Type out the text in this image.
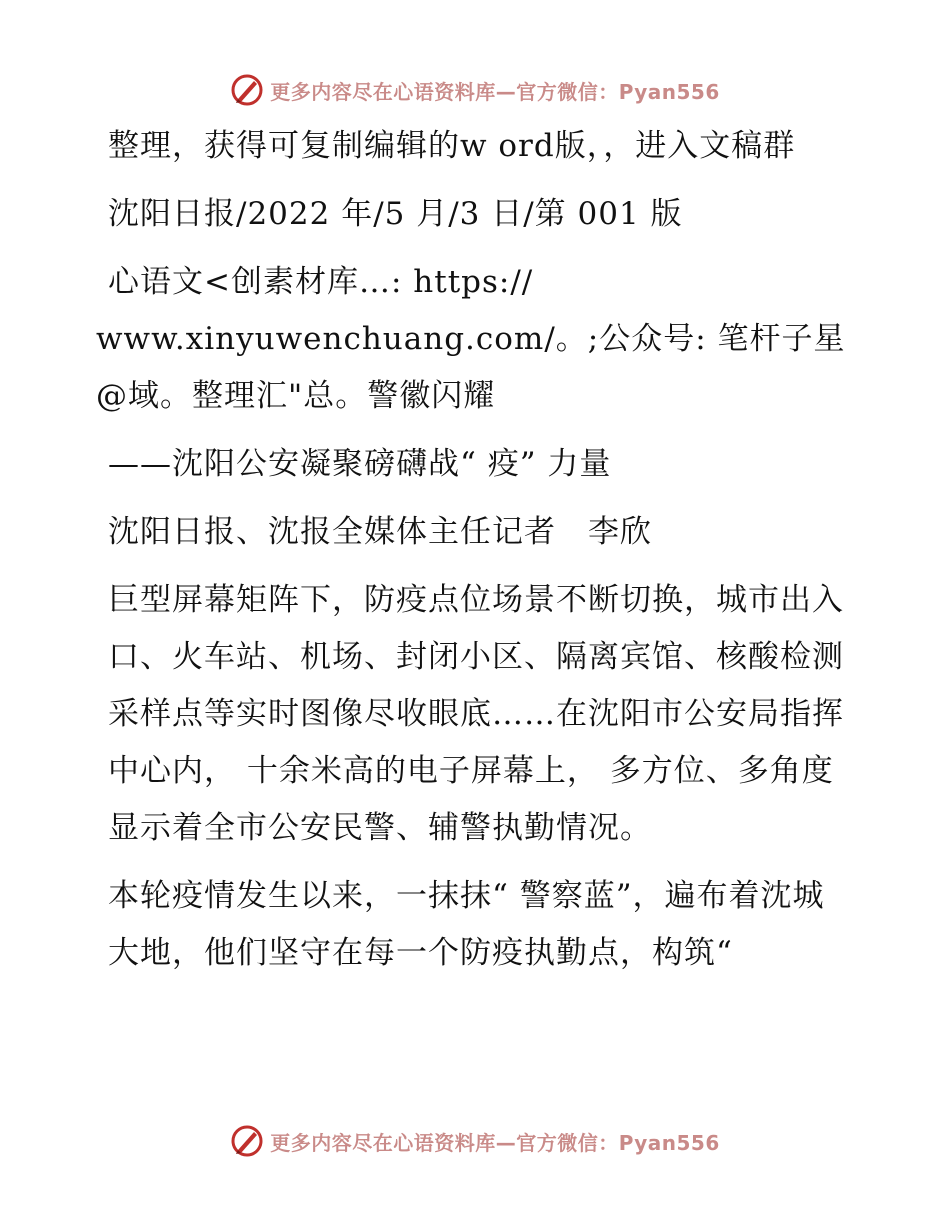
更多内容尽在心语资料库—官方微信：Pyan556

整理，获得可复制编辑的w ord版，，进入文稿群

沈阳日报/2022 年/5 月/3 日/第 001 版

心语文<创素材库…: https://

www.xinyuwenchuang.com/。;公众号: 笔杆子星@域。整理汇"总。警徽闪耀

——沈阳公安凝聚磅礴战“ 疫” 力量

沈阳日报、沈报全媒体主任记者　李欣

巨型屏幕矩阵下，防疫点位场景不断切换，城市出入口、火车站、机场、封闭小区、隔离宾馆、核酸检测采样点等实时图像尽收眼底……在沈阳市公安局指挥中心内， 十余米高的电子屏幕上， 多方位、多角度显示着全市公安民警、辅警执勤情况。

本轮疫情发生以来，一抹抹“ 警察蓝”，遍布着沈城大地，他们坚守在每一个防疫执勤点，构筑“

更多内容尽在心语资料库—官方微信：Pyan556
